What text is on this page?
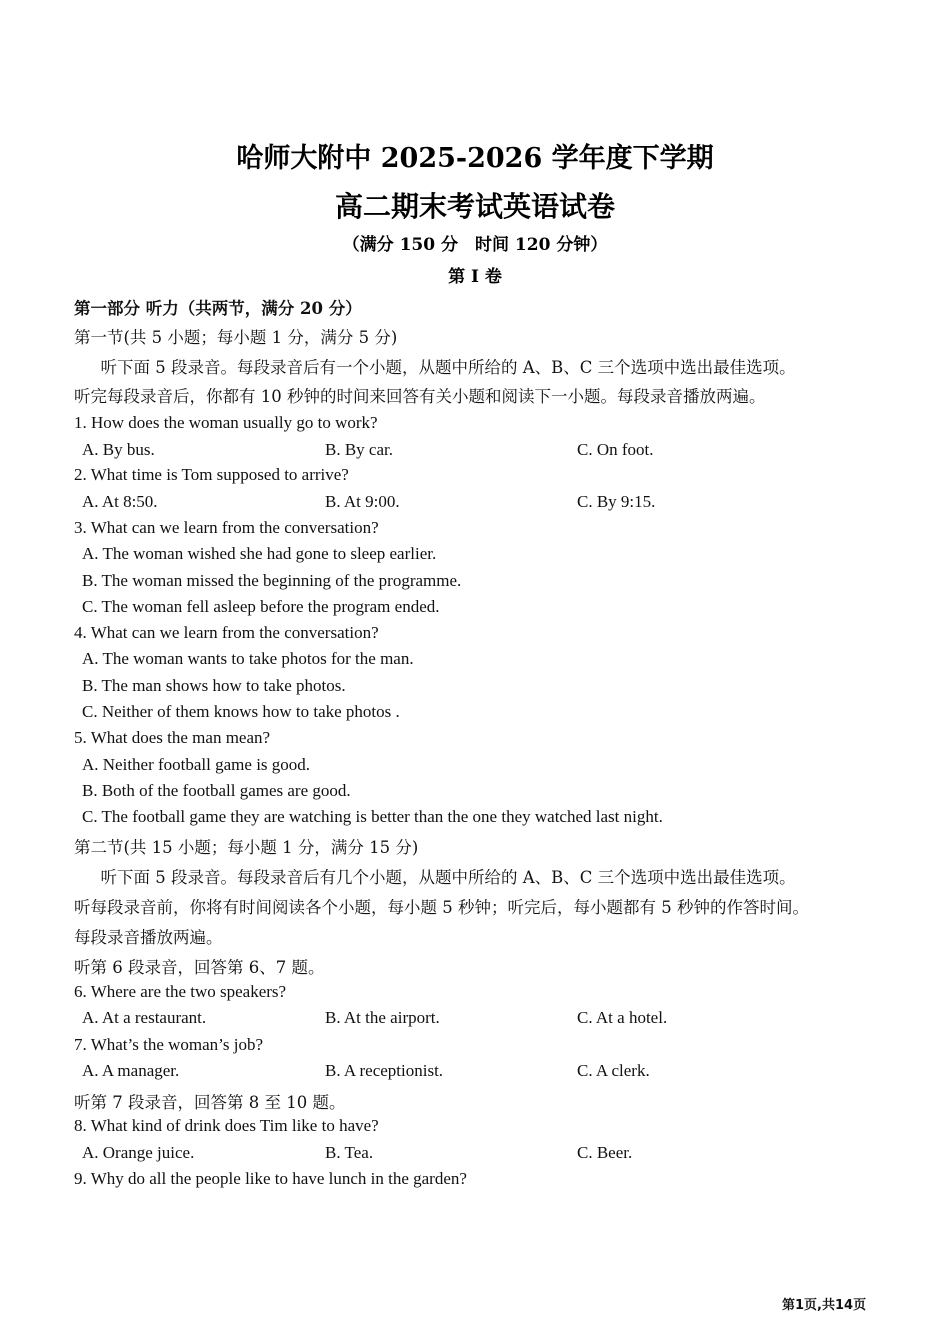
哈师大附中 2025-2026 学年度下学期
高二期末考试英语试卷
（满分 150 分　时间 120 分钟）
第 I 卷
第一部分 听力（共两节，满分 20 分）
第一节(共 5 小题；每小题 1 分，满分 5 分)
　听下面 5 段录音。每段录音后有一个小题，从题中所给的 A、B、C 三个选项中选出最佳选项。
听完每段录音后，你都有 10 秒钟的时间来回答有关小题和阅读下一小题。每段录音播放两遍。
1. How does the woman usually go to work?
A. By bus.	B. By car.	C. On foot.
2. What time is Tom supposed to arrive?
A. At 8:50.	B. At 9:00.	C. By 9:15.
3. What can we learn from the conversation?
A. The woman wished she had gone to sleep earlier.
B. The woman missed the beginning of the programme.
C. The woman fell asleep before the program ended.
4. What can we learn from the conversation?
A. The woman wants to take photos for the man.
B. The man shows how to take photos.
C. Neither of them knows how to take photos .
5. What does the man mean?
A. Neither football game is good.
B. Both of the football games are good.
C. The football game they are watching is better than the one they watched last night.
第二节(共 15 小题；每小题 1 分，满分 15 分)
　听下面 5 段录音。每段录音后有几个小题，从题中所给的 A、B、C 三个选项中选出最佳选项。
听每段录音前，你将有时间阅读各个小题，每小题 5 秒钟；听完后，每小题都有 5 秒钟的作答时间。
每段录音播放两遍。
听第 6 段录音，回答第 6、7 题。
6. Where are the two speakers?
A. At a restaurant.	B. At the airport.	C. At a hotel.
7. What’s the woman’s job?
A. A manager.	B. A receptionist.	C. A clerk.
听第 7 段录音，回答第 8 至 10 题。
8. What kind of drink does Tim like to have?
A. Orange juice.	B. Tea.	C. Beer.
9. Why do all the people like to have lunch in the garden?
第1页,共14页
